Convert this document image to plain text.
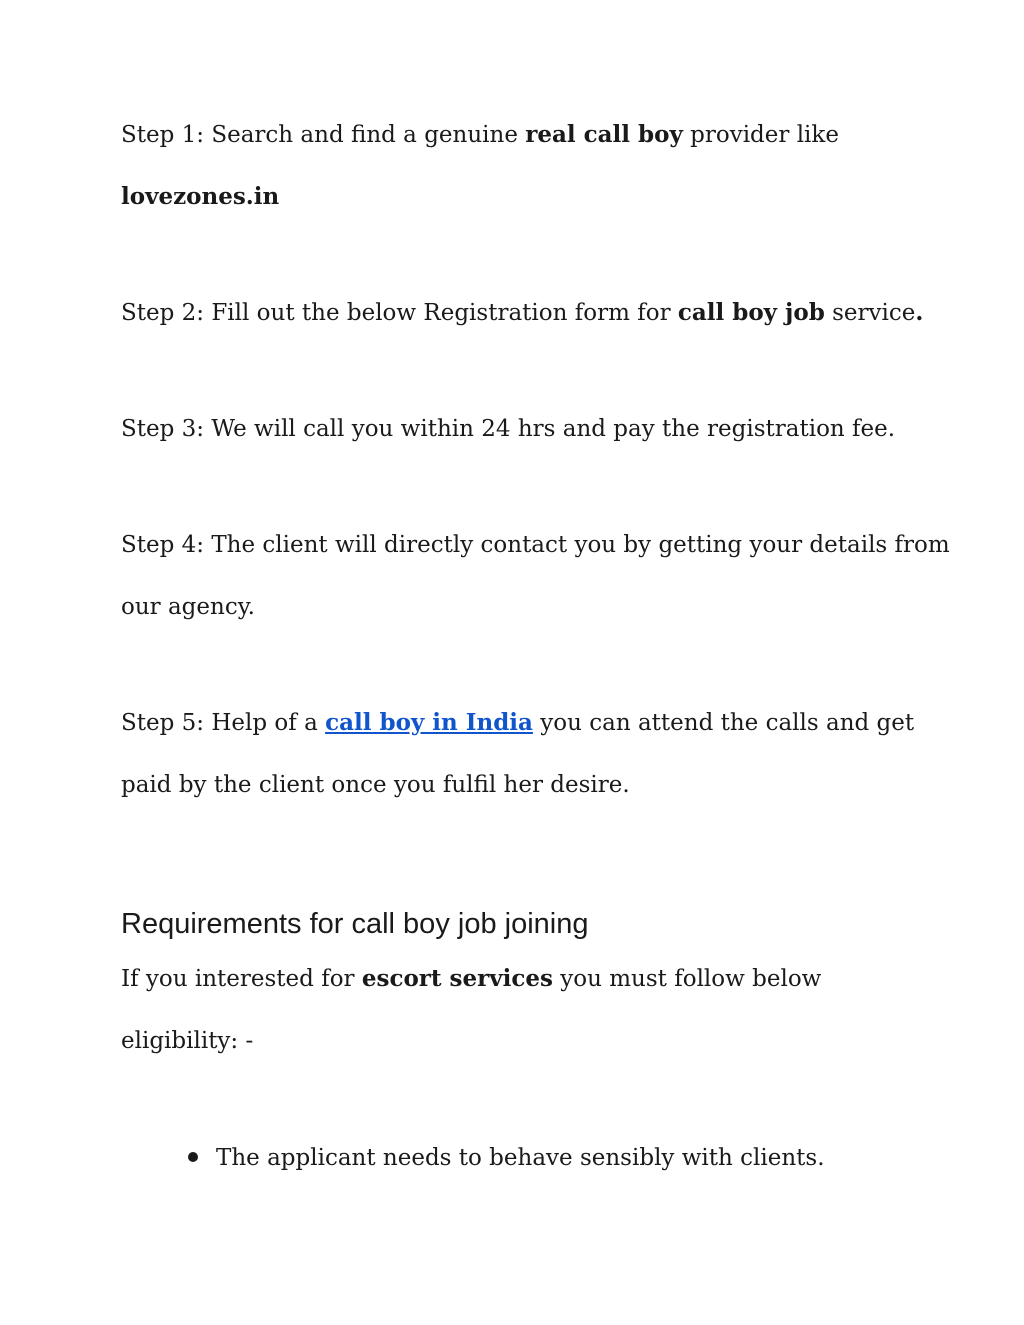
Step 1: Search and find a genuine real call boy provider like
lovezones.in
Step 2: Fill out the below Registration form for call boy job service.
Step 3: We will call you within 24 hrs and pay the registration fee.
Step 4: The client will directly contact you by getting your details from
our agency.
Step 5: Help of a call boy in India you can attend the calls and get
paid by the client once you fulfil her desire.
Requirements for call boy job joining
If you interested for escort services you must follow below
eligibility: -
The applicant needs to behave sensibly with clients.
